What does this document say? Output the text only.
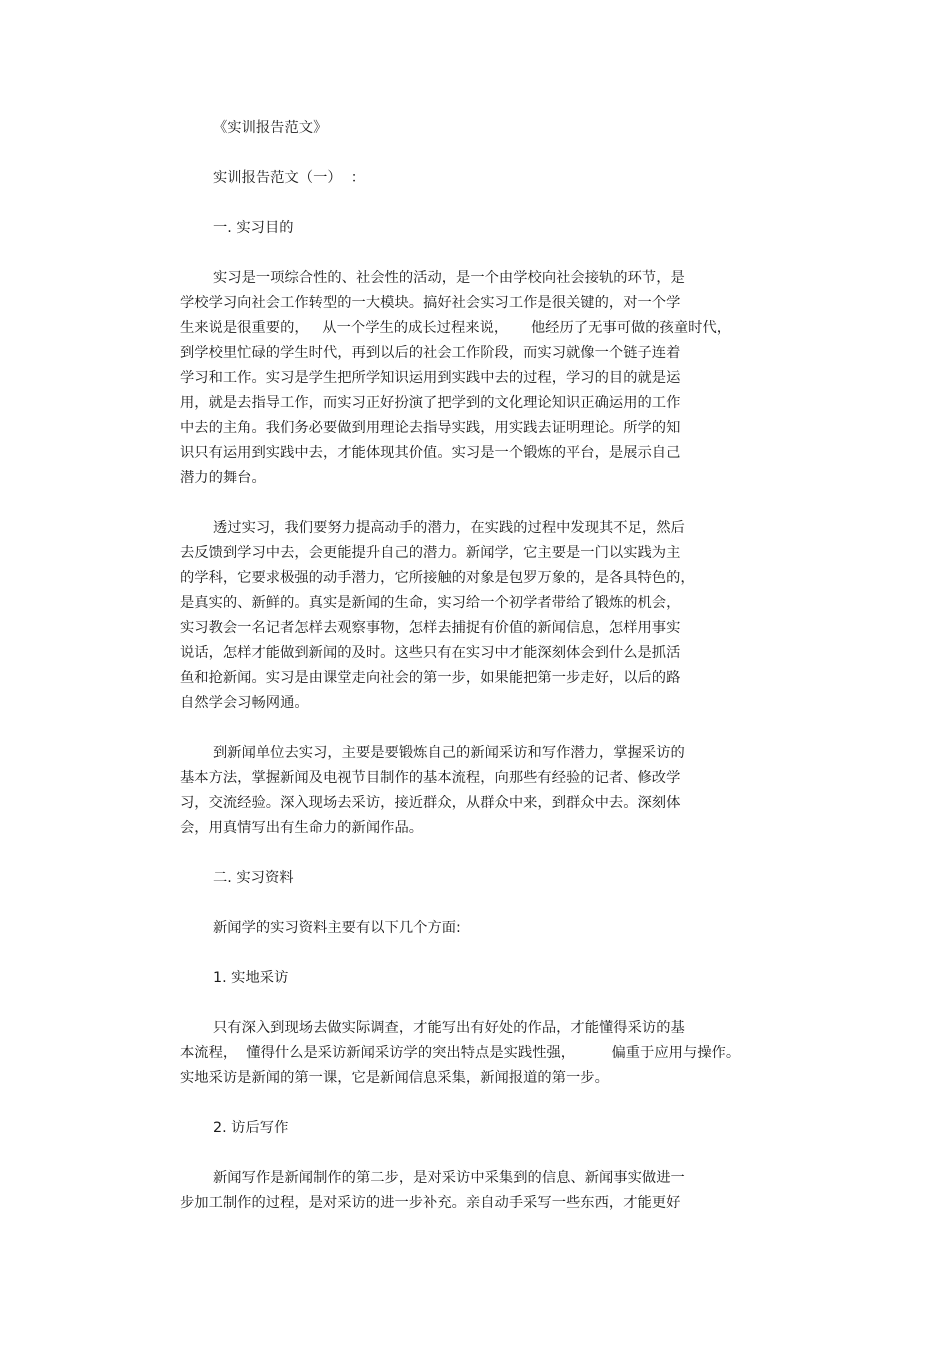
《实训报告范文》
实训报告范文（一）  ：
一. 实习目的
实习是一项综合性的、社会性的活动，是一个由学校向社会接轨的环节，是
学校学习向社会工作转型的一大模块。搞好社会实习工作是很关键的，对一个学
生来说是很重要的，   从一个学生的成长过程来说，     他经历了无事可做的孩童时代，
到学校里忙碌的学生时代，再到以后的社会工作阶段，而实习就像一个链子连着
学习和工作。实习是学生把所学知识运用到实践中去的过程，学习的目的就是运
用，就是去指导工作，而实习正好扮演了把学到的文化理论知识正确运用的工作
中去的主角。我们务必要做到用理论去指导实践，用实践去证明理论。所学的知
识只有运用到实践中去，才能体现其价值。实习是一个锻炼的平台，是展示自己
潜力的舞台。
透过实习，我们要努力提高动手的潜力，在实践的过程中发现其不足，然后
去反馈到学习中去，会更能提升自己的潜力。新闻学，它主要是一门以实践为主
的学科，它要求极强的动手潜力，它所接触的对象是包罗万象的，是各具特色的，
是真实的、新鲜的。真实是新闻的生命，实习给一个初学者带给了锻炼的机会，
实习教会一名记者怎样去观察事物，怎样去捕捉有价值的新闻信息，怎样用事实
说话，怎样才能做到新闻的及时。这些只有在实习中才能深刻体会到什么是抓活
鱼和抢新闻。实习是由课堂走向社会的第一步，如果能把第一步走好，以后的路
自然学会习畅网通。
到新闻单位去实习，主要是要锻炼自己的新闻采访和写作潜力，掌握采访的
基本方法，掌握新闻及电视节目制作的基本流程，向那些有经验的记者、修改学
习，交流经验。深入现场去采访，接近群众，从群众中来，到群众中去。深刻体
会，用真情写出有生命力的新闻作品。
二. 实习资料
新闻学的实习资料主要有以下几个方面:
1. 实地采访
只有深入到现场去做实际调查，才能写出有好处的作品，才能懂得采访的基
本流程，  懂得什么是采访新闻采访学的突出特点是实践性强，        偏重于应用与操作。
实地采访是新闻的第一课，它是新闻信息采集，新闻报道的第一步。
2. 访后写作
新闻写作是新闻制作的第二步，是对采访中采集到的信息、新闻事实做进一
步加工制作的过程，是对采访的进一步补充。亲自动手采写一些东西，才能更好
